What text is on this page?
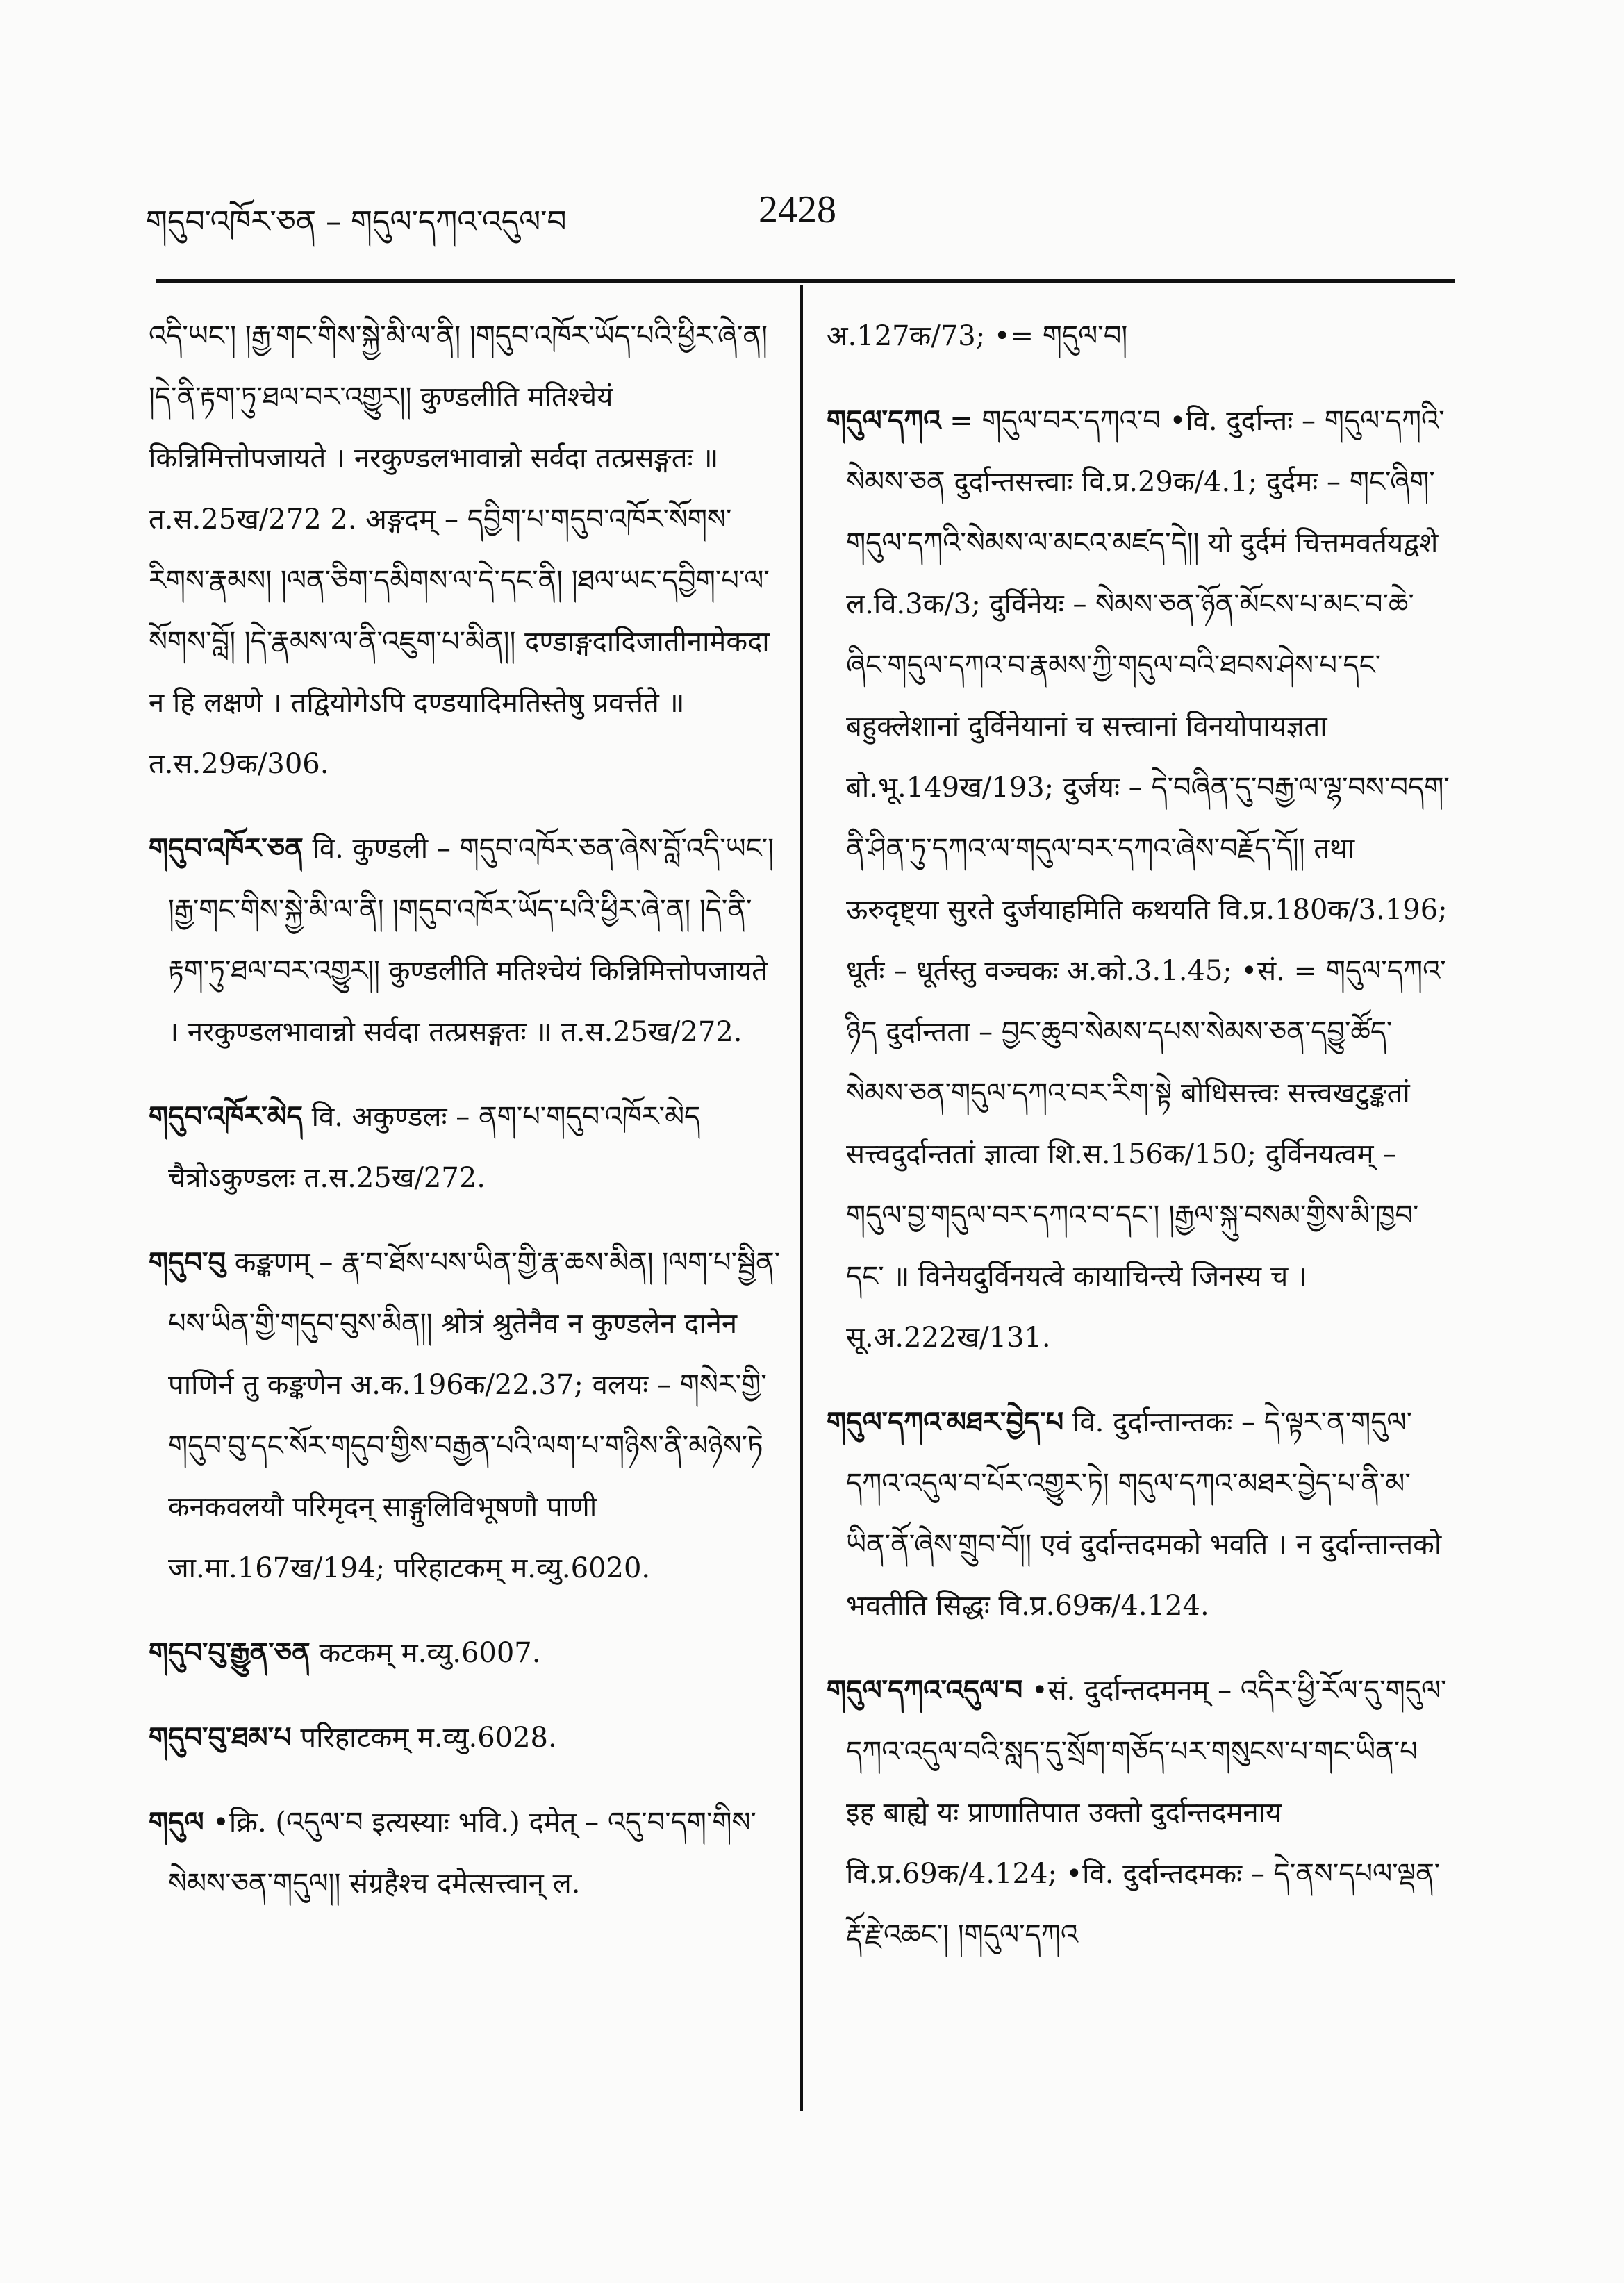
གདུབ་འཁོར་ཅན – གདུལ་དཀའ་འདུལ་བ	2428

འདི་ཡང་། །རྒྱ་གང་གིས་སྐྱེ་མི་ལ་ནི། །གདུབ་འཁོར་ཡོད་པའི་ཕྱིར་ཞེ་ན། །དེ་ནི་རྟག་ཏུ་ཐལ་བར་འགྱུར།། कुण्डलीति मतिश्चेयं किन्निमित्तोपजायते । नरकुण्डलभावान्नो सर्वदा तत्प्रसङ्गतः ॥ त.स.25ख/272 2. अङ्गदम् – དབྱིག་པ་གདུབ་འཁོར་སོགས་རིགས་རྣམས། །ལན་ཅིག་དམིགས་ལ་དེ་དང་ནི། །ཐལ་ཡང་དབྱིག་པ་ལ་སོགས་བློ། །དེ་རྣམས་ལ་ནི་འཇུག་པ་མིན།། दण्डाङ्गदादिजातीनामेकदा न हि लक्षणे । तद्वियोगेऽपि दण्डयादिमतिस्तेषु प्रवर्त्तते ॥ त.स.29क/306.

གདུབ་འཁོར་ཅན वि. कुण्डली – གདུབ་འཁོར་ཅན་ཞེས་བློ་འདི་ཡང་། །རྒྱ་གང་གིས་སྐྱེ་མི་ལ་ནི། །གདུབ་འཁོར་ཡོད་པའི་ཕྱིར་ཞེ་ན། །དེ་ནི་རྟག་ཏུ་ཐལ་བར་འགྱུར།། कुण्डलीति मतिश्चेयं किन्निमित्तोपजायते । नरकुण्डलभावान्नो सर्वदा तत्प्रसङ्गतः ॥ त.स.25ख/272.

གདུབ་འཁོར་མེད वि. अकुण्डलः – ནག་པ་གདུབ་འཁོར་མེད चैत्रोऽकुण्डलः त.स.25ख/272.

གདུབ་བུ कङ्कणम् – རྣ་བ་ཐོས་པས་ཡིན་གྱི་རྣ་ཆས་མིན། །ལག་པ་སྦྱིན་པས་ཡིན་གྱི་གདུབ་བུས་མིན།། श्रोत्रं श्रुतेनैव न कुण्डलेन दानेन पाणिर्न तु कङ्कणेन अ.क.196क/22.37; वलयः – གསེར་གྱི་གདུབ་བུ་དང་སོར་གདུབ་གྱིས་བརྒྱན་པའི་ལག་པ་གཉིས་ནི་མཉེས་ཏེ कनकवलयौ परिमृदन् साङ्गुलिविभूषणौ पाणी जा.मा.167ख/194; परिहाटकम् म.व्यु.6020.

གདུབ་བུ་རྒྱུན་ཅན कटकम् म.व्यु.6007.

གདུབ་བུ་ཐམ་པ परिहाटकम् म.व्यु.6028.

གདུལ •क्रि. (འདུལ་བ इत्यस्याः भवि.) दमेत् – འདུ་བ་དག་གིས་སེམས་ཅན་གདུལ།། संग्रहैश्च दमेत्सत्त्वान् ल.

अ.127क/73; •= གདུལ་བ།

གདུལ་དཀའ = གདུལ་བར་དཀའ་བ •वि. दुर्दान्तः – གདུལ་དཀའི་སེམས་ཅན दुर्दान्तसत्त्वाः वि.प्र.29क/4.1; दुर्दमः – གང་ཞིག་གདུལ་དཀའི་སེམས་ལ་མངའ་མཛད་དེ།། यो दुर्दमं चित्तमवर्तयद्वशे ल.वि.3क/3; दुर्विनेयः – སེམས་ཅན་ཉོན་མོངས་པ་མང་བ་ཆེ་ཞིང་གདུལ་དཀའ་བ་རྣམས་ཀྱི་གདུལ་བའི་ཐབས་ཤེས་པ་དང་ बहुक्लेशानां दुर्विनेयानां च सत्त्वानां विनयोपायज्ञता बो.भू.149ख/193; दुर्जयः – དེ་བཞིན་དུ་བརྒྱ་ལ་ལྷ་བས་བདག་ནི་ཤིན་ཏུ་དཀའ་ལ་གདུལ་བར་དཀའ་ཞེས་བརྗོད་དོ།། तथा ऊरुदृष्ट्या सुरते दुर्जयाहमिति कथयति वि.प्र.180क/3.196; धूर्तः – धूर्तस्तु वञ्चकः अ.को.3.1.45; •सं. = གདུལ་དཀའ་ཉིད दुर्दान्तता – བྱང་ཆུབ་སེམས་དཔས་སེམས་ཅན་དབྱུ་ཚོད་སེམས་ཅན་གདུལ་དཀའ་བར་རིག་སྟེ बोधिसत्त्वः सत्त्वखटुङ्कतां सत्त्वदुर्दान्ततां ज्ञात्वा शि.स.156क/150; दुर्विनयत्वम् – གདུལ་བྱ་གདུལ་བར་དཀའ་བ་དང་། །རྒྱལ་སྐུ་བསམ་གྱིས་མི་ཁྱབ་དང་ ॥ विनेयदुर्विनयत्वे कायाचिन्त्ये जिनस्य च । सू.अ.222ख/131.

གདུལ་དཀའ་མཐར་བྱེད་པ वि. दुर्दान्तान्तकः – དེ་ལྟར་ན་གདུལ་དཀའ་འདུལ་བ་པོར་འགྱུར་ཏེ། གདུལ་དཀའ་མཐར་བྱེད་པ་ནི་མ་ཡིན་ནོ་ཞེས་གྲུབ་བོ།། एवं दुर्दान्तदमको भवति । न दुर्दान्तान्तको भवतीति सिद्धः वि.प्र.69क/4.124.

གདུལ་དཀའ་འདུལ་བ •सं. दुर्दान्तदमनम् – འདིར་ཕྱི་རོལ་དུ་གདུལ་དཀའ་འདུལ་བའི་སླད་དུ་སྲོག་གཅོད་པར་གསུངས་པ་གང་ཡིན་པ इह बाह्ये यः प्राणातिपात उक्तो दुर्दान्तदमनाय वि.प्र.69क/4.124; •वि. दुर्दान्तदमकः – དེ་ནས་དཔལ་ལྡན་རྡོ་རྗེ་འཆང་། །གདུལ་དཀའ
